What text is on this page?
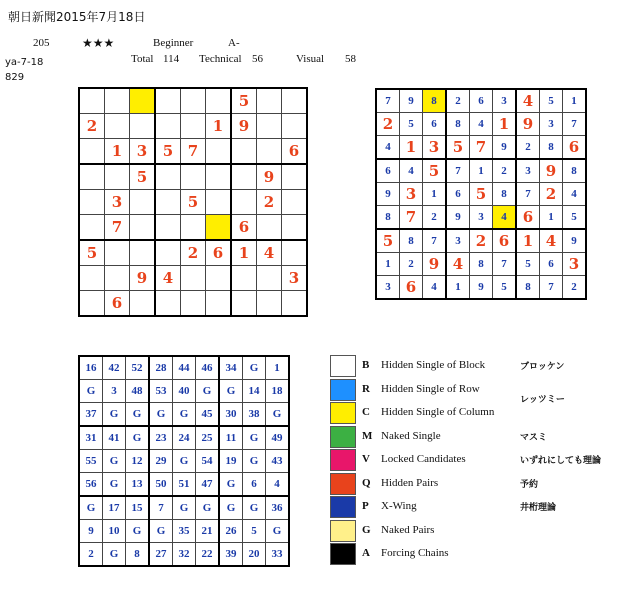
朝日新聞2015年7月18日
205	★★★	Beginner	A-
ya-7-18	Total 114 Technical 56	Visual 58
829
						5		
2					1	9		
	1	3	5	7				6
		5					9	
	3			5			2	
	7					6		
5				2	6	1	4	
		9	4					3
	6							
7	9	8	2	6	3	4	5	1
2	5	6	8	4	1	9	3	7
4	1	3	5	7	9	2	8	6
6	4	5	7	1	2	3	9	8
9	3	1	6	5	8	7	2	4
8	7	2	9	3	4	6	1	5
5	8	7	3	2	6	1	4	9
1	2	9	4	8	7	5	6	3
3	6	4	1	9	5	8	7	2
16	42	52	28	44	46	34	G	1
G	3	48	53	40	G	G	14	18
37	G	G	G	G	45	30	38	G
31	41	G	23	24	25	11	G	49
55	G	12	29	G	54	19	G	43
56	G	13	50	51	47	G	6	4
G	17	15	7	G	G	G	G	36
9	10	G	G	35	21	26	5	G
2	G	8	27	32	22	39	20	33
B Hidden Single of Block	ブロッケン
R Hidden Single of Row
レッツミー
C Hidden Single of Column
M Naked Single	マスミ
V Locked Candidates	いずれにしても理論
Q Hidden Pairs	予約
P X-Wing	井桁理論
G Naked Pairs
A Forcing Chains
